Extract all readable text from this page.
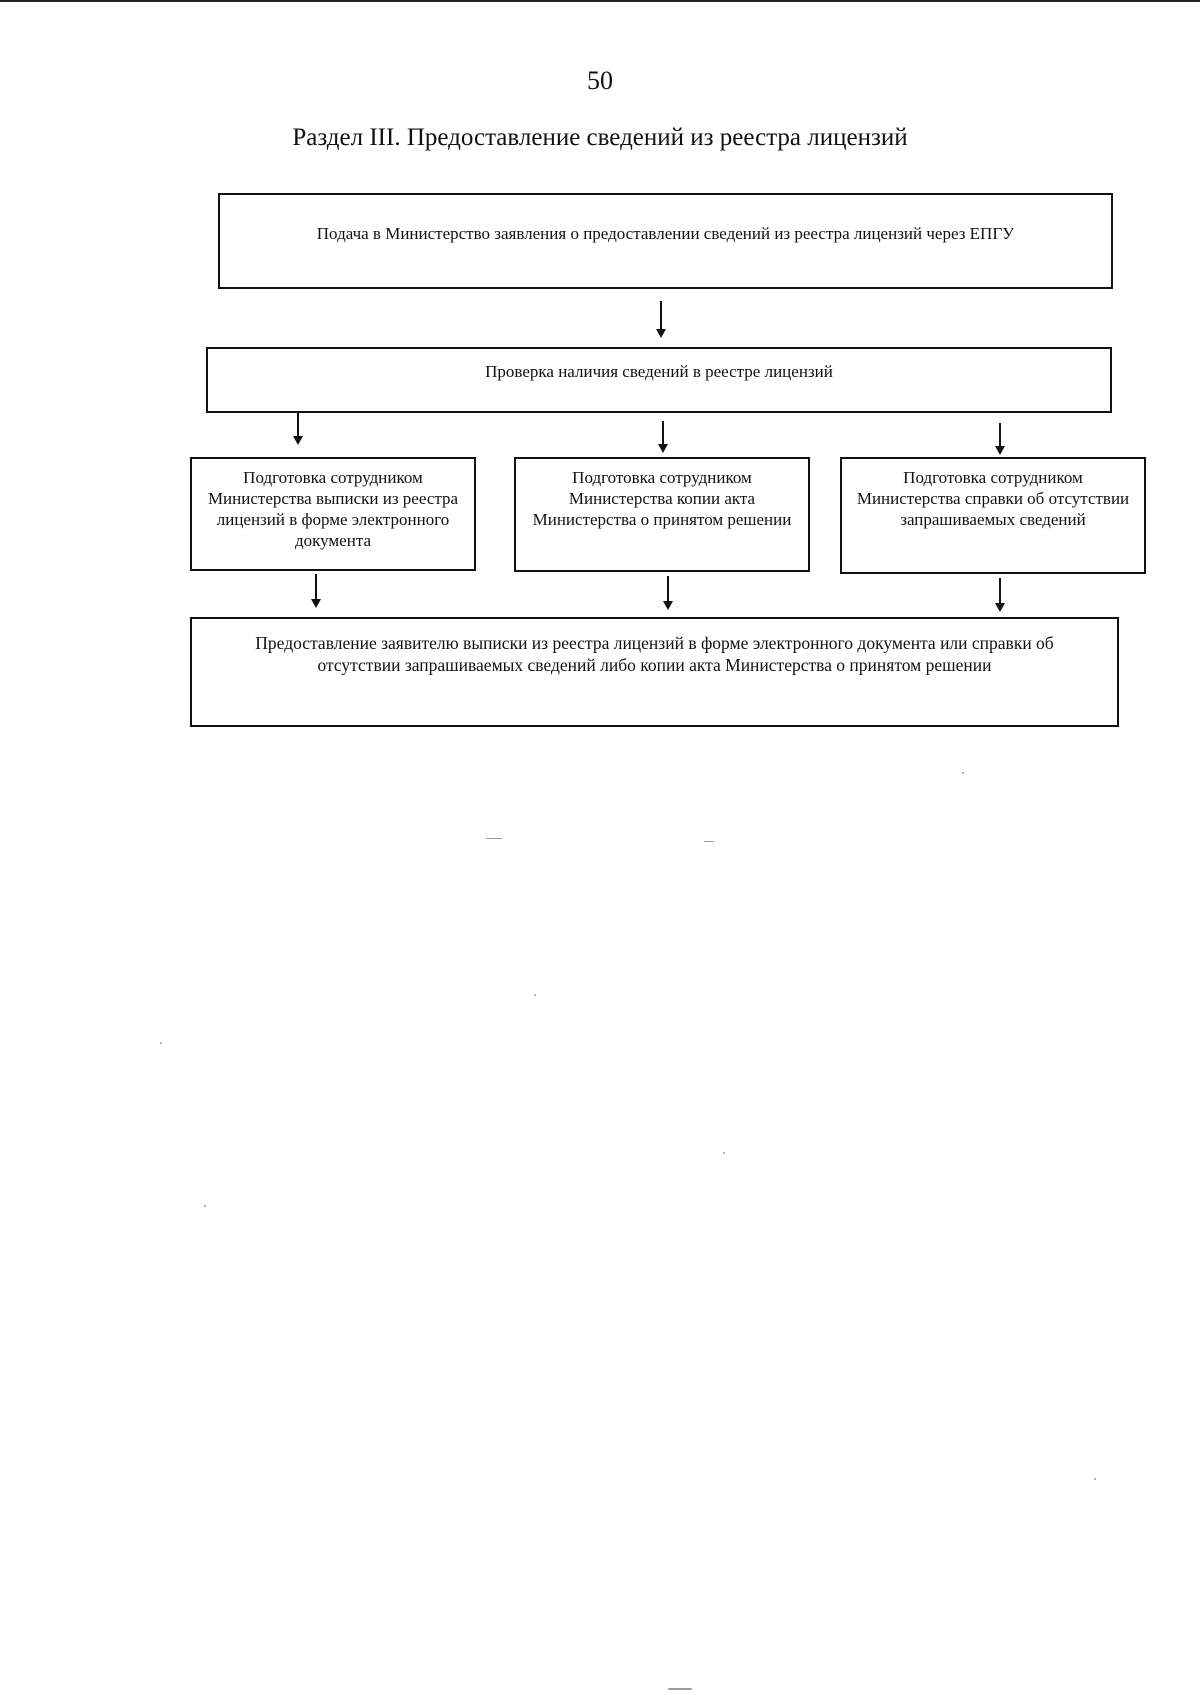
50
Раздел III. Предоставление сведений из реестра лицензий
Подача в Министерство заявления о предоставлении сведений из реестра лицензий через ЕПГУ
Проверка наличия сведений в реестре лицензий
Подготовка сотрудником Министерства выписки из реестра лицензий в форме электронного документа
Подготовка сотрудником Министерства копии акта Министерства о принятом решении
Подготовка сотрудником Министерства справки об отсутствии запрашиваемых сведений
Предоставление заявителю выписки из реестра лицензий в форме электронного документа или справки об отсутствии запрашиваемых сведений либо копии акта Министерства о принятом решении
